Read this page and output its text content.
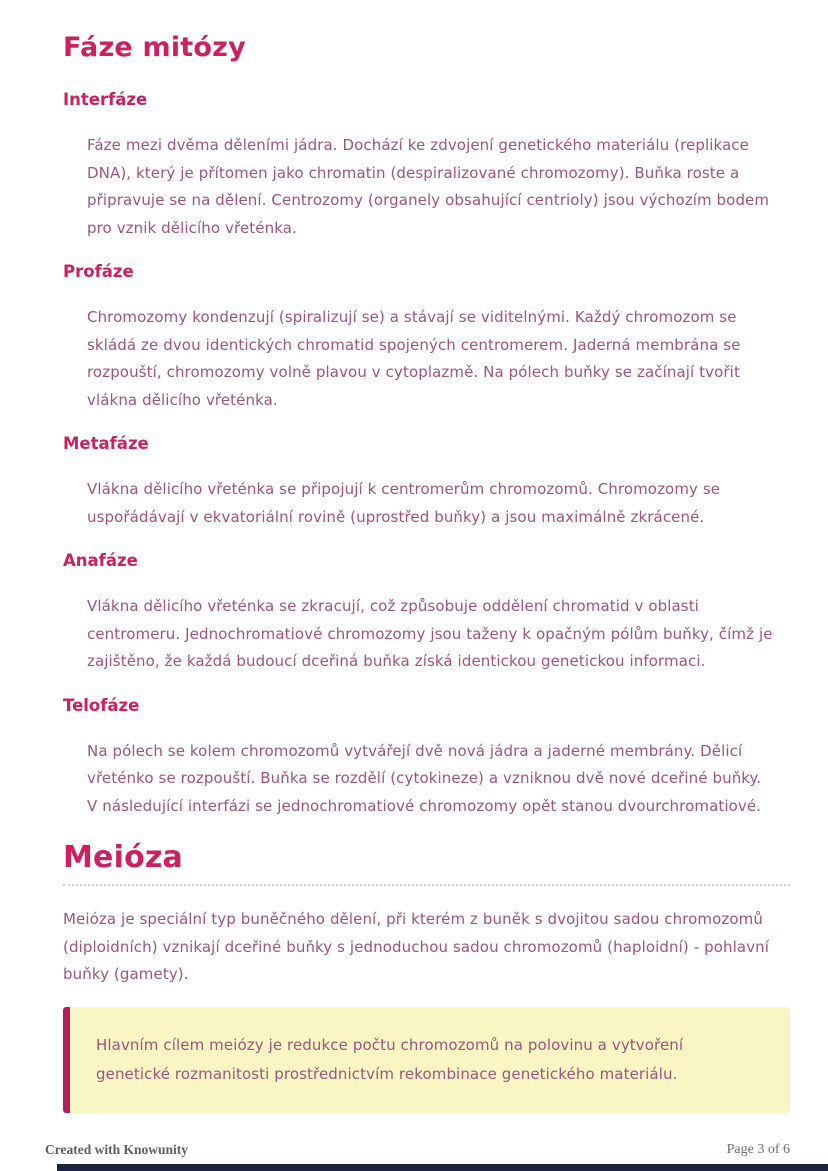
Fáze mitózy
Interfáze

Fáze mezi dvěma děleními jádra. Dochází ke zdvojení genetického materiálu (replikace DNA), který je přítomen jako chromatin (despiralizované chromozomy). Buňka roste a připravuje se na dělení. Centrozomy (organely obsahující centrioly) jsou výchozím bodem pro vznik dělicího vřeténka.

Profáze

Chromozomy kondenzují (spiralizují se) a stávají se viditelnými. Každý chromozom se skládá ze dvou identických chromatid spojených centromerem. Jaderná membrána se rozpouští, chromozomy volně plavou v cytoplazmě. Na pólech buňky se začínají tvořit vlákna dělicího vřeténka.

Metafáze

Vlákna dělicího vřeténka se připojují k centromerům chromozomů. Chromozomy se uspořádávají v ekvatoriální rovině (uprostřed buňky) a jsou maximálně zkrácené.

Anafáze

Vlákna dělicího vřeténka se zkracují, což způsobuje oddělení chromatid v oblasti centromeru. Jednochromatiové chromozomy jsou taženy k opačným pólům buňky, čímž je zajištěno, že každá budoucí dceřiná buňka získá identickou genetickou informaci.

Telofáze

Na pólech se kolem chromozomů vytvářejí dvě nová jádra a jaderné membrány. Dělicí vřeténko se rozpouští. Buňka se rozdělí (cytokineze) a vzniknou dvě nové dceřiné buňky. V následující interfázi se jednochromatiové chromozomy opět stanou dvourchromatiové.

Meióza

Meióza je speciální typ buněčného dělení, při kterém z buněk s dvojitou sadou chromozomů (diploidních) vznikají dceřiné buňky s jednoduchou sadou chromozomů (haploidní) - pohlavní buňky (gamety).

Hlavním cílem meiózy je redukce počtu chromozomů na polovinu a vytvoření genetické rozmanitosti prostřednictvím rekombinace genetického materiálu.

Created with Knowunity	Page 3 of 6
